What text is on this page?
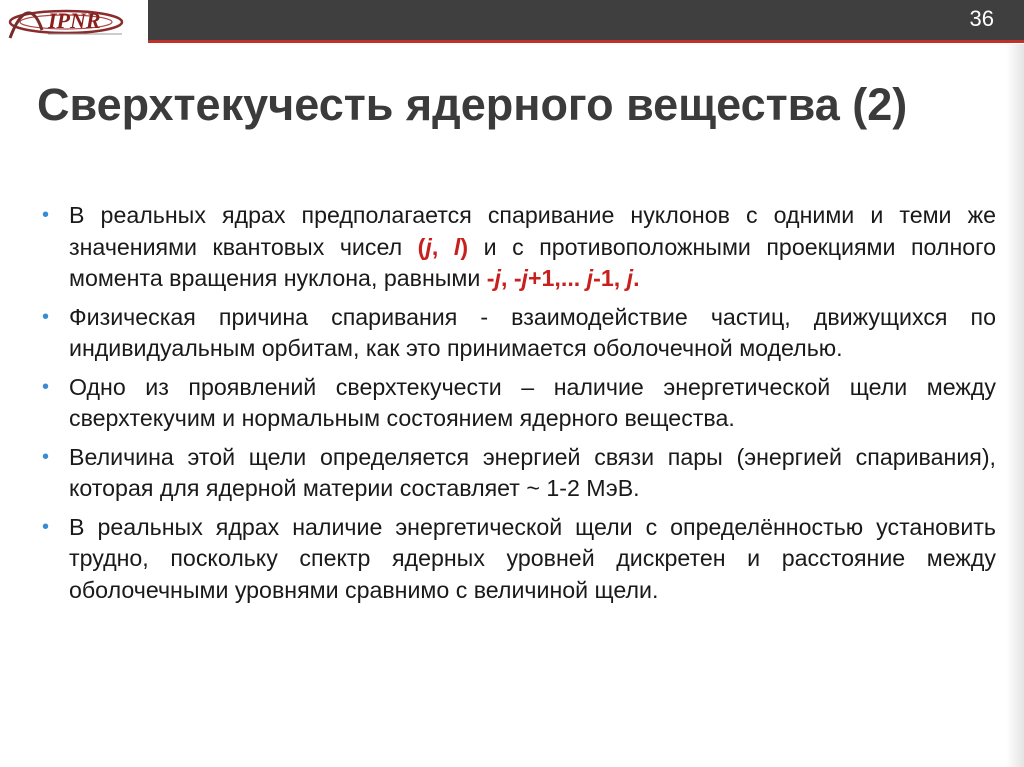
IPNR	36
Сверхтекучесть ядерного вещества (2)
• В реальных ядрах предполагается спаривание нуклонов с одними и теми же значениями квантовых чисел (j, l) и с противоположными проекциями полного момента вращения нуклона, равными -j, -j+1,... j-1, j.
• Физическая причина спаривания - взаимодействие частиц, движущихся по индивидуальным орбитам, как это принимается оболочечной моделью.
• Одно из проявлений сверхтекучести – наличие энергетической щели между сверхтекучим и нормальным состоянием ядерного вещества.
• Величина этой щели определяется энергией связи пары (энергией спаривания), которая для ядерной материи составляет ~ 1-2 МэВ.
• В реальных ядрах наличие энергетической щели с определённостью установить трудно, поскольку спектр ядерных уровней дискретен и расстояние между оболочечными уровнями сравнимо с величиной щели.
